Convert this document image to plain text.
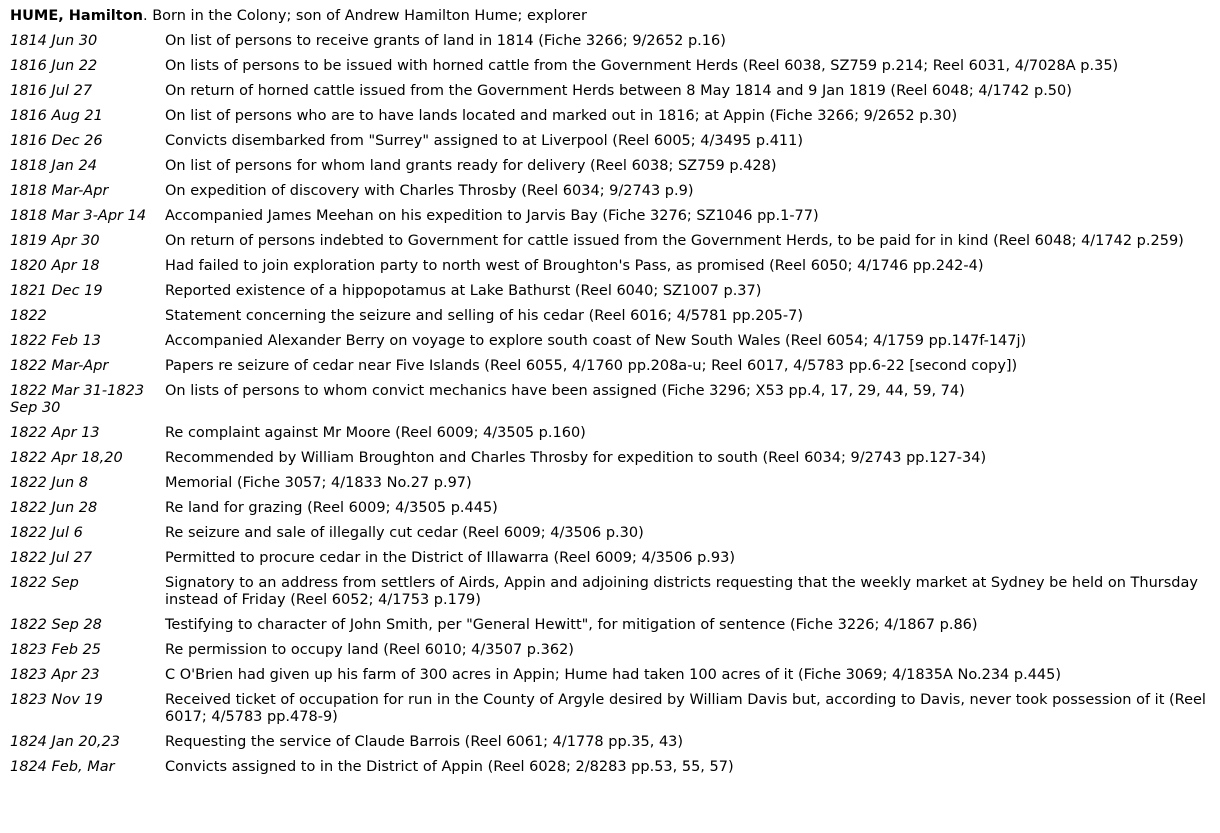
HUME, Hamilton. Born in the Colony; son of Andrew Hamilton Hume; explorer
1814 Jun 30	On list of persons to receive grants of land in 1814 (Fiche 3266; 9/2652 p.16)
1816 Jun 22	On lists of persons to be issued with horned cattle from the Government Herds (Reel 6038, SZ759 p.214; Reel 6031, 4/7028A p.35)
1816 Jul 27	On return of horned cattle issued from the Government Herds between 8 May 1814 and 9 Jan 1819 (Reel 6048; 4/1742 p.50)
1816 Aug 21	On list of persons who are to have lands located and marked out in 1816; at Appin (Fiche 3266; 9/2652 p.30)
1816 Dec 26	Convicts disembarked from "Surrey" assigned to at Liverpool (Reel 6005; 4/3495 p.411)
1818 Jan 24	On list of persons for whom land grants ready for delivery (Reel 6038; SZ759 p.428)
1818 Mar-Apr	On expedition of discovery with Charles Throsby (Reel 6034; 9/2743 p.9)
1818 Mar 3-Apr 14	Accompanied James Meehan on his expedition to Jarvis Bay (Fiche 3276; SZ1046 pp.1-77)
1819 Apr 30	On return of persons indebted to Government for cattle issued from the Government Herds, to be paid for in kind (Reel 6048; 4/1742 p.259)
1820 Apr 18	Had failed to join exploration party to north west of Broughton's Pass, as promised (Reel 6050; 4/1746 pp.242-4)
1821 Dec 19	Reported existence of a hippopotamus at Lake Bathurst (Reel 6040; SZ1007 p.37)
1822	Statement concerning the seizure and selling of his cedar (Reel 6016; 4/5781 pp.205-7)
1822 Feb 13	Accompanied Alexander Berry on voyage to explore south coast of New South Wales (Reel 6054; 4/1759 pp.147f-147j)
1822 Mar-Apr	Papers re seizure of cedar near Five Islands (Reel 6055, 4/1760 pp.208a-u; Reel 6017, 4/5783 pp.6-22 [second copy])
1822 Mar 31-1823 Sep 30	On lists of persons to whom convict mechanics have been assigned (Fiche 3296; X53 pp.4, 17, 29, 44, 59, 74)
1822 Apr 13	Re complaint against Mr Moore (Reel 6009; 4/3505 p.160)
1822 Apr 18,20	Recommended by William Broughton and Charles Throsby for expedition to south (Reel 6034; 9/2743 pp.127-34)
1822 Jun 8	Memorial (Fiche 3057; 4/1833 No.27 p.97)
1822 Jun 28	Re land for grazing (Reel 6009; 4/3505 p.445)
1822 Jul 6	Re seizure and sale of illegally cut cedar (Reel 6009; 4/3506 p.30)
1822 Jul 27	Permitted to procure cedar in the District of Illawarra (Reel 6009; 4/3506 p.93)
1822 Sep	Signatory to an address from settlers of Airds, Appin and adjoining districts requesting that the weekly market at Sydney be held on Thursday instead of Friday (Reel 6052; 4/1753 p.179)
1822 Sep 28	Testifying to character of John Smith, per "General Hewitt", for mitigation of sentence (Fiche 3226; 4/1867 p.86)
1823 Feb 25	Re permission to occupy land (Reel 6010; 4/3507 p.362)
1823 Apr 23	C O'Brien had given up his farm of 300 acres in Appin; Hume had taken 100 acres of it (Fiche 3069; 4/1835A No.234 p.445)
1823 Nov 19	Received ticket of occupation for run in the County of Argyle desired by William Davis but, according to Davis, never took possession of it (Reel 6017; 4/5783 pp.478-9)
1824 Jan 20,23	Requesting the service of Claude Barrois (Reel 6061; 4/1778 pp.35, 43)
1824 Feb, Mar	Convicts assigned to in the District of Appin (Reel 6028; 2/8283 pp.53, 55, 57)
